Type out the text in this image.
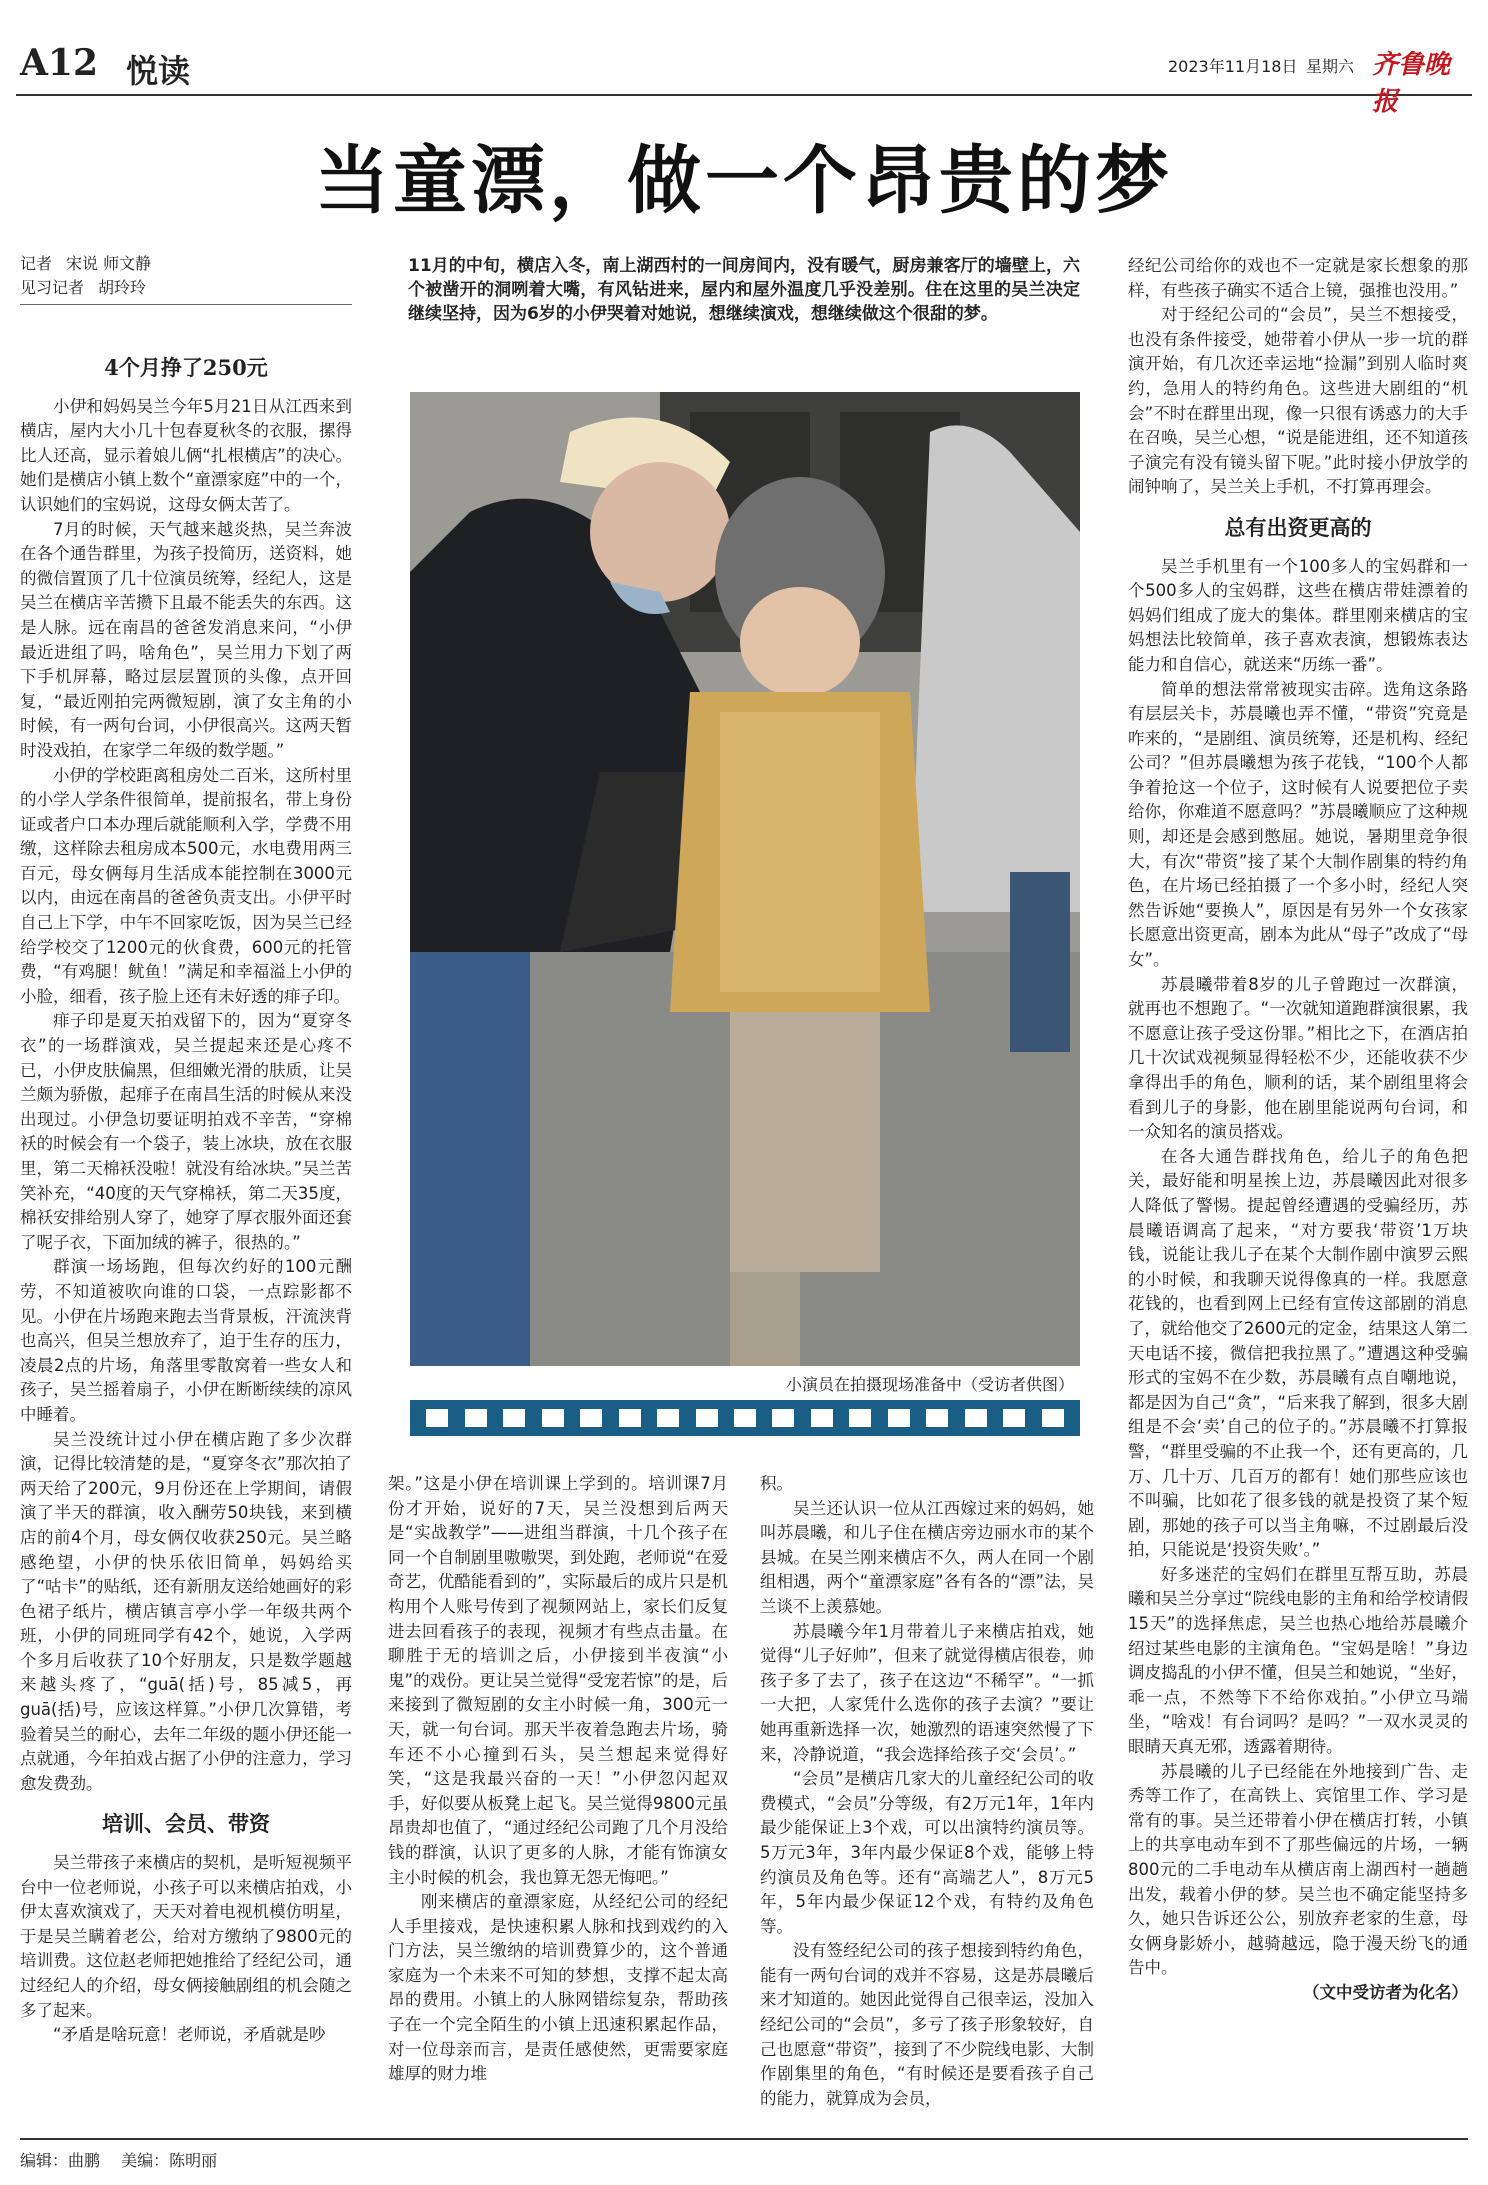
A12 悦读	2023年11月18日 星期六 齐鲁晚报
当童漂，做一个昂贵的梦
记者 宋说 师文静
见习记者 胡玲玲
11月的中旬，横店入冬，南上湖西村的一间房间内，没有暖气，厨房兼客厅的墙壁上，六个被凿开的洞咧着大嘴，有风钻进来，屋内和屋外温度几乎没差别。住在这里的吴兰决定继续坚持，因为6岁的小伊哭着对她说，想继续演戏，想继续做这个很甜的梦。
小演员在拍摄现场准备中（受访者供图）
4个月挣了250元

小伊和妈妈吴兰今年5月21日从江西来到横店，屋内大小几十包春夏秋冬的衣服，摞得比人还高，显示着娘儿俩“扎根横店”的决心。她们是横店小镇上数个“童漂家庭”中的一个，认识她们的宝妈说，这母女俩太苦了。

7月的时候，天气越来越炎热，吴兰奔波在各个通告群里，为孩子投简历，送资料，她的微信置顶了几十位演员统筹，经纪人，这是吴兰在横店辛苦攒下且最不能丢失的东西。这是人脉。远在南昌的爸爸发消息来问，“小伊最近进组了吗，啥角色”，吴兰用力下划了两下手机屏幕，略过层层置顶的头像，点开回复，“最近刚拍完两微短剧，演了女主角的小时候，有一两句台词，小伊很高兴。这两天暂时没戏拍，在家学二年级的数学题。”

小伊的学校距离租房处二百米，这所村里的小学人学条件很简单，提前报名，带上身份证或者户口本办理后就能顺利入学，学费不用缴，这样除去租房成本500元，水电费用两三百元，母女俩每月生活成本能控制在3000元以内，由远在南昌的爸爸负责支出。小伊平时自己上下学，中午不回家吃饭，因为吴兰已经给学校交了1200元的伙食费，600元的托管费，“有鸡腿！鱿鱼！”满足和幸福溢上小伊的小脸，细看，孩子脸上还有未好透的痱子印。

痱子印是夏天拍戏留下的，因为“夏穿冬衣”的一场群演戏，吴兰提起来还是心疼不已，小伊皮肤偏黑，但细嫩光滑的肤质，让吴兰颇为骄傲，起痱子在南昌生活的时候从来没出现过。小伊急切要证明拍戏不辛苦，“穿棉袄的时候会有一个袋子，装上冰块，放在衣服里，第二天棉袄没啦！就没有给冰块。”吴兰苦笑补充，“40度的天气穿棉袄，第二天35度，棉袄安排给别人穿了，她穿了厚衣服外面还套了呢子衣，下面加绒的裤子，很热的。”

群演一场场跑，但每次约好的100元酬劳，不知道被吹向谁的口袋，一点踪影都不见。小伊在片场跑来跑去当背景板，汗流浃背也高兴，但吴兰想放弃了，迫于生存的压力，凌晨2点的片场，角落里零散窝着一些女人和孩子，吴兰摇着扇子，小伊在断断续续的凉风中睡着。

吴兰没统计过小伊在横店跑了多少次群演，记得比较清楚的是，“夏穿冬衣”那次拍了两天给了200元，9月份还在上学期间，请假演了半天的群演，收入酬劳50块钱，来到横店的前4个月，母女俩仅收获250元。吴兰略感绝望，小伊的快乐依旧简单，妈妈给买了“咕卡”的贴纸，还有新朋友送给她画好的彩色裙子纸片，横店镇言亭小学一年级共两个班，小伊的同班同学有42个，她说，入学两个多月后收获了10个好朋友，只是数学题越来越头疼了，“guā(括)号，85减5，再guā(括)号，应该这样算。”小伊几次算错，考验着吴兰的耐心，去年二年级的题小伊还能一点就通，今年拍戏占据了小伊的注意力，学习愈发费劲。

培训、会员、带资

吴兰带孩子来横店的契机，是听短视频平台中一位老师说，小孩子可以来横店拍戏，小伊太喜欢演戏了，天天对着电视机模仿明星，于是吴兰瞒着老公，给对方缴纳了9800元的培训费。这位赵老师把她推给了经纪公司，通过经纪人的介绍，母女俩接触剧组的机会随之多了起来。

“矛盾是啥玩意！老师说，矛盾就是吵

架。”这是小伊在培训课上学到的。培训课7月份才开始，说好的7天，吴兰没想到后两天是“实战教学”——进组当群演，十几个孩子在同一个自制剧里嗷嗷哭，到处跑，老师说“在爱奇艺，优酷能看到的”，实际最后的成片只是机构用个人账号传到了视频网站上，家长们反复进去回看孩子的表现，视频才有些点击量。在聊胜于无的培训之后，小伊接到半夜演“小鬼”的戏份。更让吴兰觉得“受宠若惊”的是，后来接到了微短剧的女主小时候一角，300元一天，就一句台词。那天半夜着急跑去片场，骑车还不小心撞到石头，吴兰想起来觉得好笑，“这是我最兴奋的一天！”小伊忽闪起双手，好似要从板凳上起飞。吴兰觉得9800元虽昂贵却也值了，“通过经纪公司跑了几个月没给钱的群演，认识了更多的人脉，才能有饰演女主小时候的机会，我也算无怨无悔吧。”

刚来横店的童漂家庭，从经纪公司的经纪人手里接戏，是快速积累人脉和找到戏约的入门方法，吴兰缴纳的培训费算少的，这个普通家庭为一个未来不可知的梦想，支撑不起太高昂的费用。小镇上的人脉网错综复杂，帮助孩子在一个完全陌生的小镇上迅速积累起作品，对一位母亲而言，是责任感使然，更需要家庭雄厚的财力堆

积。

吴兰还认识一位从江西嫁过来的妈妈，她叫苏晨曦，和儿子住在横店旁边丽水市的某个县城。在吴兰刚来横店不久，两人在同一个剧组相遇，两个“童漂家庭”各有各的“漂”法，吴兰谈不上羡慕她。

苏晨曦今年1月带着儿子来横店拍戏，她觉得“儿子好帅”，但来了就觉得横店很卷，帅孩子多了去了，孩子在这边“不稀罕”。“一抓一大把，人家凭什么选你的孩子去演？”要让她再重新选择一次，她激烈的语速突然慢了下来，冷静说道，“我会选择给孩子交‘会员’。”

“会员”是横店几家大的儿童经纪公司的收费模式，“会员”分等级，有2万元1年，1年内最少能保证上3个戏，可以出演特约演员等。5万元3年，3年内最少保证8个戏，能够上特约演员及角色等。还有“高端艺人”，8万元5年，5年内最少保证12个戏，有特约及角色等。

没有签经纪公司的孩子想接到特约角色，能有一两句台词的戏并不容易，这是苏晨曦后来才知道的。她因此觉得自己很幸运，没加入经纪公司的“会员”，多亏了孩子形象较好，自己也愿意“带资”，接到了不少院线电影、大制作剧集里的角色，“有时候还是要看孩子自己的能力，就算成为会员，

经纪公司给你的戏也不一定就是家长想象的那样，有些孩子确实不适合上镜，强推也没用。”

对于经纪公司的“会员”，吴兰不想接受，也没有条件接受，她带着小伊从一步一坑的群演开始，有几次还幸运地“捡漏”到别人临时爽约，急用人的特约角色。这些进大剧组的“机会”不时在群里出现，像一只很有诱惑力的大手在召唤，吴兰心想，“说是能进组，还不知道孩子演完有没有镜头留下呢。”此时接小伊放学的闹钟响了，吴兰关上手机，不打算再理会。

总有出资更高的

吴兰手机里有一个100多人的宝妈群和一个500多人的宝妈群，这些在横店带娃漂着的妈妈们组成了庞大的集体。群里刚来横店的宝妈想法比较简单，孩子喜欢表演，想锻炼表达能力和自信心，就送来“历练一番”。

简单的想法常常被现实击碎。选角这条路有层层关卡，苏晨曦也弄不懂，“带资”究竟是咋来的，“是剧组、演员统筹，还是机构、经纪公司？”但苏晨曦想为孩子花钱，“100个人都争着抢这一个位子，这时候有人说要把位子卖给你，你难道不愿意吗？”苏晨曦顺应了这种规则，却还是会感到憋屈。她说，暑期里竞争很大，有次“带资”接了某个大制作剧集的特约角色，在片场已经拍摄了一个多小时，经纪人突然告诉她“要换人”，原因是有另外一个女孩家长愿意出资更高，剧本为此从“母子”改成了“母女”。

苏晨曦带着8岁的儿子曾跑过一次群演，就再也不想跑了。“一次就知道跑群演很累，我不愿意让孩子受这份罪。”相比之下，在酒店拍几十次试戏视频显得轻松不少，还能收获不少拿得出手的角色，顺利的话，某个剧组里将会看到儿子的身影，他在剧里能说两句台词，和一众知名的演员搭戏。

在各大通告群找角色，给儿子的角色把关，最好能和明星挨上边，苏晨曦因此对很多人降低了警惕。提起曾经遭遇的受骗经历，苏晨曦语调高了起来，“对方要我‘带资’1万块钱，说能让我儿子在某个大制作剧中演罗云熙的小时候，和我聊天说得像真的一样。我愿意花钱的，也看到网上已经有宣传这部剧的消息了，就给他交了2600元的定金，结果这人第二天电话不接，微信把我拉黑了。”遭遇这种受骗形式的宝妈不在少数，苏晨曦有点自嘲地说，都是因为自己“贪”，“后来我了解到，很多大剧组是不会‘卖’自己的位子的。”苏晨曦不打算报警，“群里受骗的不止我一个，还有更高的，几万、几十万、几百万的都有！她们那些应该也不叫骗，比如花了很多钱的就是投资了某个短剧，那她的孩子可以当主角嘛，不过剧最后没拍，只能说是‘投资失败’。”

好多迷茫的宝妈们在群里互帮互助，苏晨曦和吴兰分享过“院线电影的主角和给学校请假15天”的选择焦虑，吴兰也热心地给苏晨曦介绍过某些电影的主演角色。“宝妈是啥！”身边调皮捣乱的小伊不懂，但吴兰和她说，“坐好，乖一点，不然等下不给你戏拍。”小伊立马端坐，“啥戏！有台词吗？是吗？”一双水灵灵的眼睛天真无邪，透露着期待。

苏晨曦的儿子已经能在外地接到广告、走秀等工作了，在高铁上、宾馆里工作、学习是常有的事。吴兰还带着小伊在横店打转，小镇上的共享电动车到不了那些偏远的片场，一辆800元的二手电动车从横店南上湖西村一趟趟出发，载着小伊的梦。吴兰也不确定能坚持多久，她只告诉还公公，别放弃老家的生意，母女俩身影娇小，越骑越远，隐于漫天纷飞的通告中。

（文中受访者为化名）

编辑：曲鹏 美编：陈明丽
